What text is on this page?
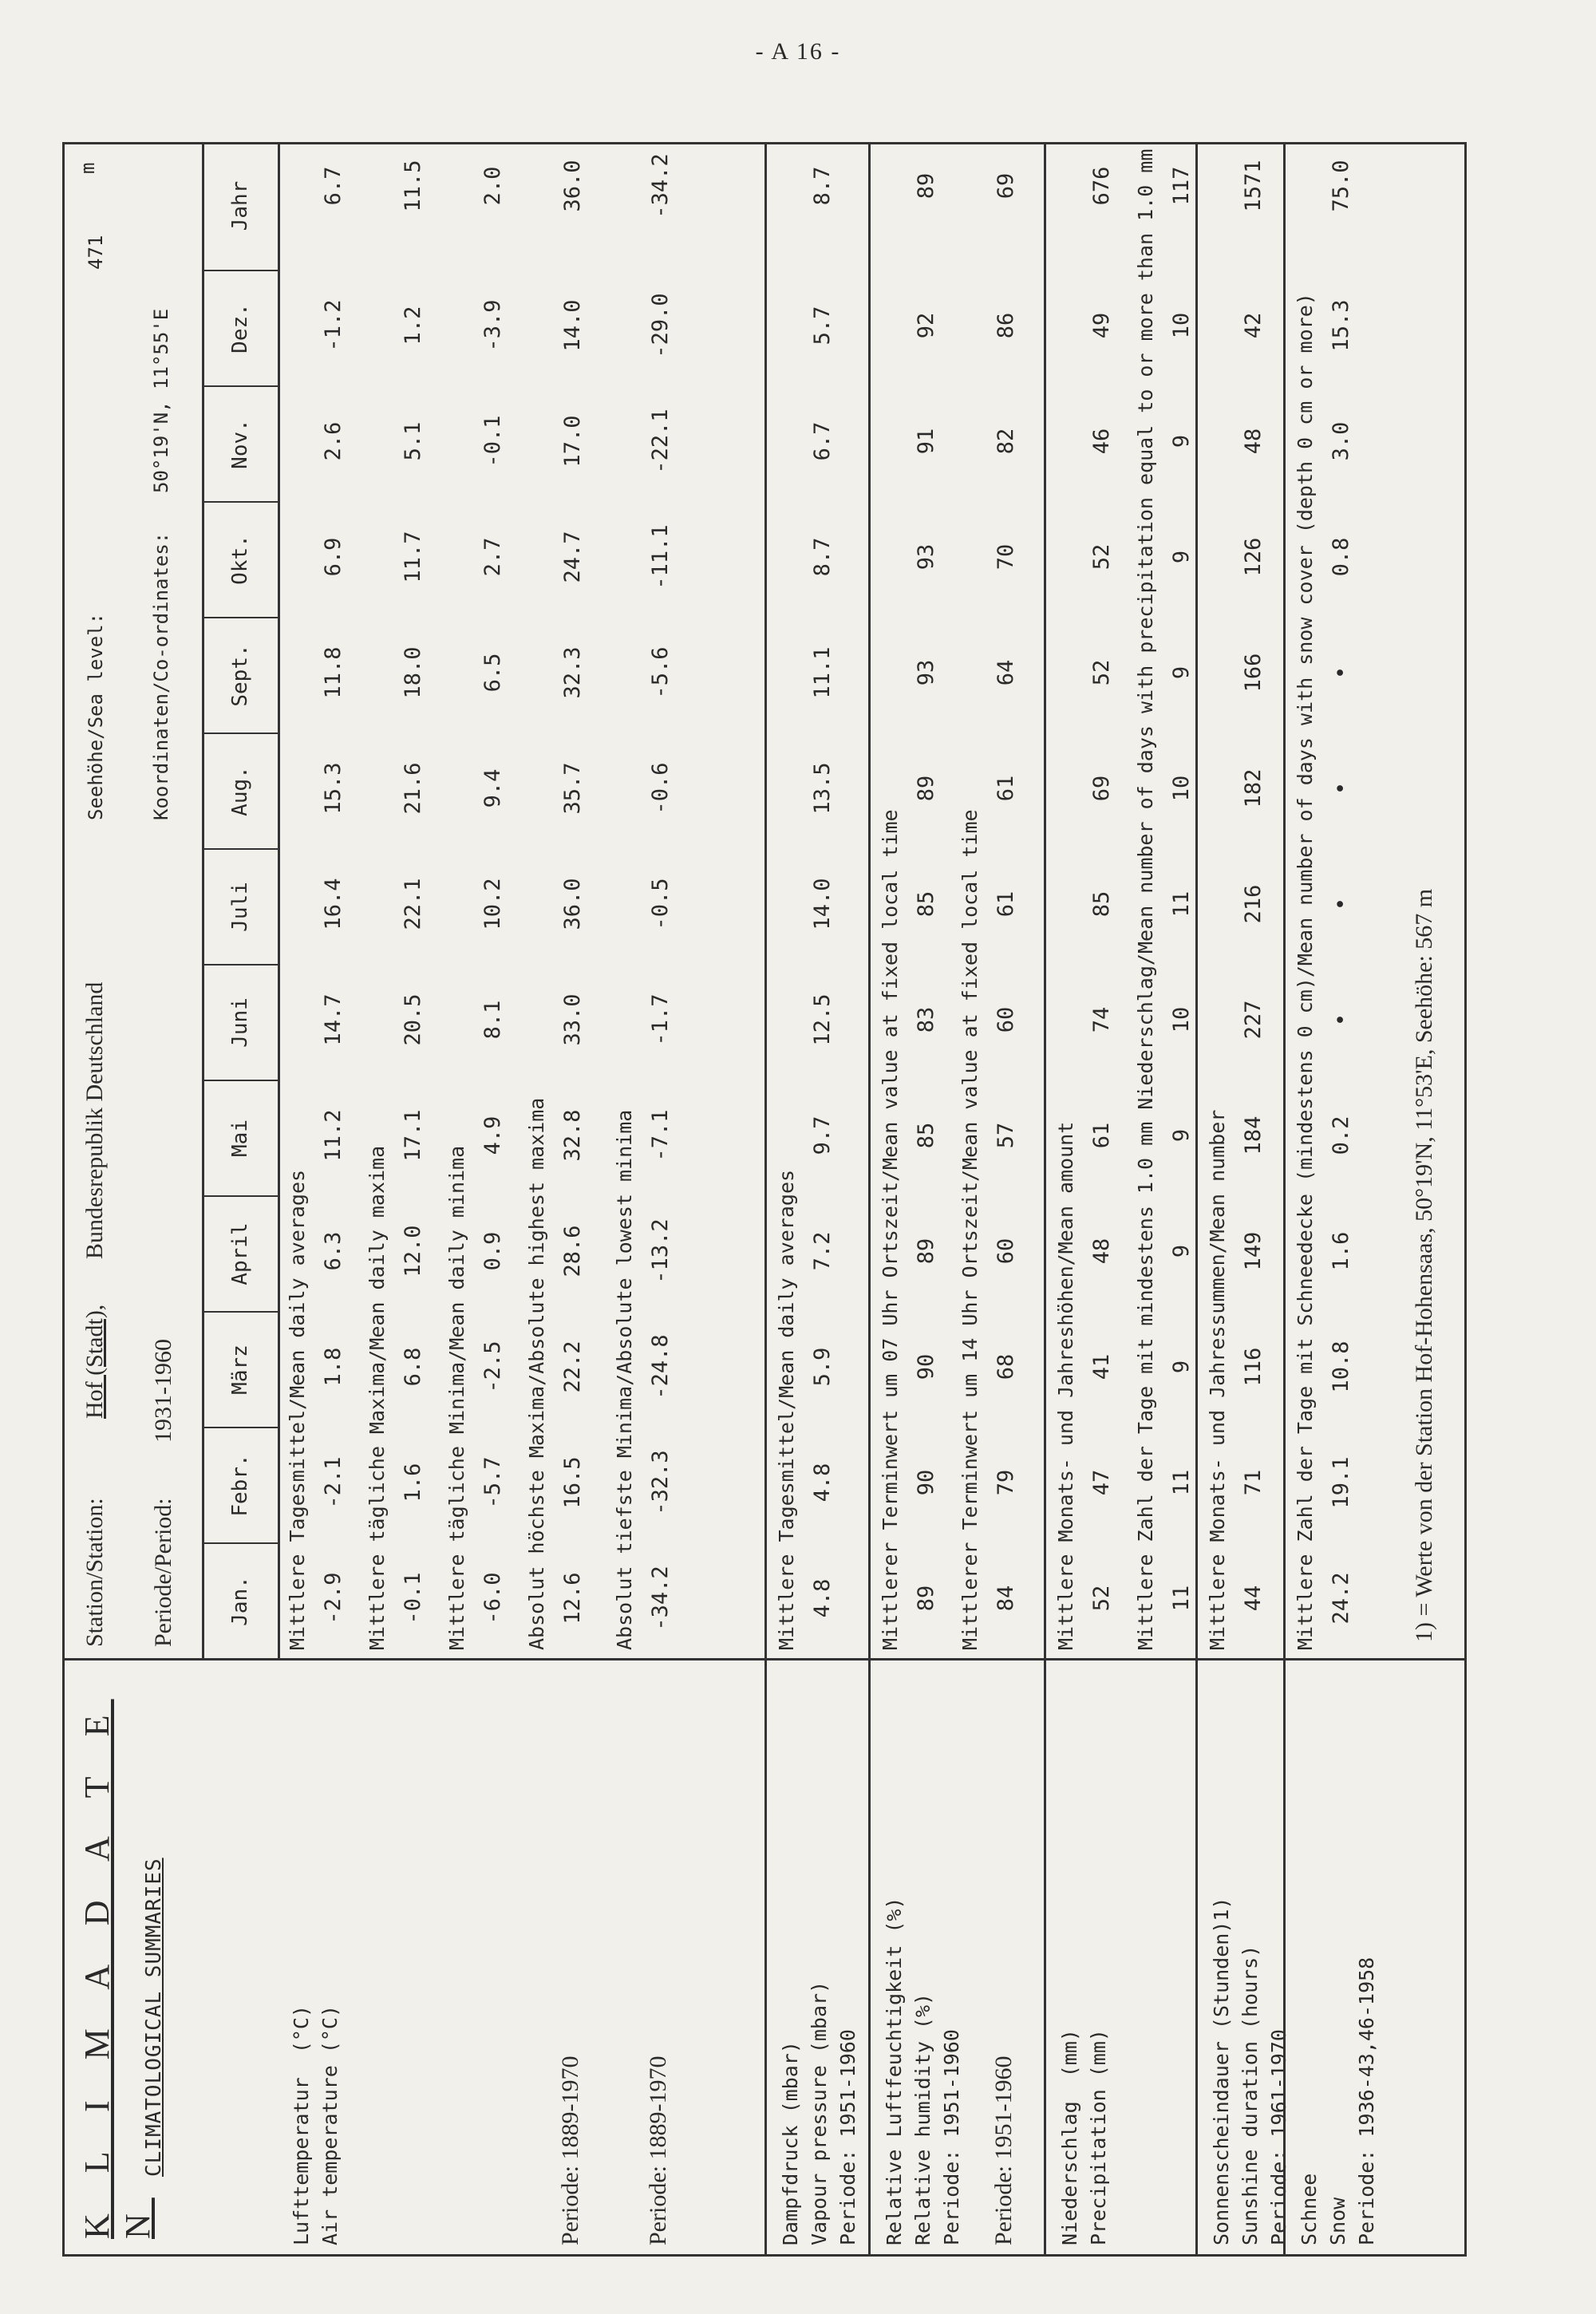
- A 16 -
K L I M A D A T E N
CLIMATOLOGICAL SUMMARIES
Station/Station:
Hof (Stadt),
Bundesrepublik Deutschland
Periode/Period:
1931-1960
Seehöhe/Sea level:
471
m
Koordinaten/Co-ordinates:
50°19'N, 11°55'E
Jan.
Febr.
März
April
Mai
Juni
Juli
Aug.
Sept.
Okt.
Nov.
Dez.
Jahr
Lufttemperatur  (°C)
Air temperature (°C)
Mittlere Tagesmittel/Mean daily averages -2.9
-2.1
1.8
6.3
11.2
14.7
16.4
15.3
11.8
6.9
2.6
-1.2
6.7
Mittlere tägliche Maxima/Mean daily maxima -0.1
1.6
6.8
12.0
17.1
20.5
22.1
21.6
18.0
11.7
5.1
1.2
11.5
Mittlere tägliche Minima/Mean daily minima -6.0
-5.7
-2.5
0.9
4.9
8.1
10.2
9.4
6.5
2.7
-0.1
-3.9
2.0
Absolut höchste Maxima/Absolute highest maxima 12.6
16.5
22.2
28.6
32.8
33.0
36.0
35.7
32.3
24.7
17.0
14.0
36.0
Periode: 1889-1970
Absolut tiefste Minima/Absolute lowest minima -34.2
-32.3
-24.8
-13.2
-7.1
-1.7
-0.5
-0.6
-5.6
-11.1
-22.1
-29.0
-34.2
Periode: 1889-1970	Dampfdruck (mbar)
Vapour pressure (mbar)
Periode: 1951-1960
Mittlere Tagesmittel/Mean daily averages 4.8
4.8
5.9
7.2
9.7
12.5
14.0
13.5
11.1
8.7
6.7
5.7
8.7
Relative Luftfeuchtigkeit (%)
Relative humidity (%)
Periode: 1951-1960
Mittlerer Terminwert um 07 Uhr Ortszeit/Mean value at fixed local time 89
90
90
89
85
83
85
89
93
93
91
92
89
Mittlerer Terminwert um 14 Uhr Ortszeit/Mean value at fixed local time 84
79
68
60
57
60
61
61
64
70
82
86
69
Periode: 1951-1960 Niederschlag  (mm)
Precipitation (mm)
Mittlere Monats- und Jahreshöhen/Mean amount 52
47
41
48
61
74
85
69
52
52
46
49
676 Mittlere Zahl der Tage mit mindestens 1.0 mm Niederschlag/Mean number of days with precipitation equal to or more than 1.0 mm 11
11
9
9
9
10
11
10
9
9
9
10
117
Sonnenscheindauer (Stunden)1)
Sunshine duration (hours)
Periode: 1961-1970
Mittlere Monats- und Jahressummen/Mean number 44
71
116
149
184
227
216
182
166
126
48
42
1571
Schnee
Snow
Periode: 1936-43,46-1958
Mittlere Zahl der Tage mit Schneedecke (mindestens 0 cm)/Mean number of days with snow cover (depth 0 cm or more) 24.2
19.1
10.8
1.6
0.2
•
•
•
•
0.8
3.0
15.3
75.0
1) = Werte von der Station Hof-Hohensaas, 50°19'N, 11°53'E, Seehöhe: 567 m
